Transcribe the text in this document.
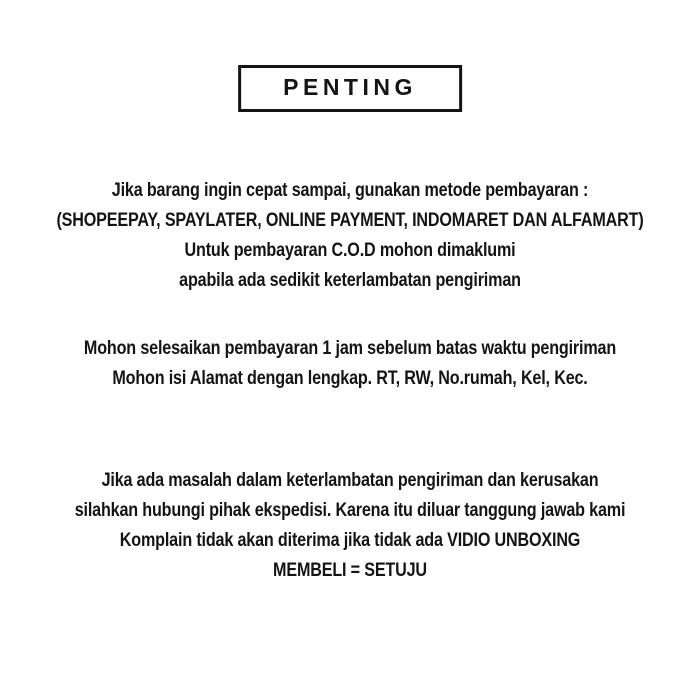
PENTING
Jika barang ingin cepat sampai, gunakan metode pembayaran :
(SHOPEEPAY, SPAYLATER, ONLINE PAYMENT, INDOMARET DAN ALFAMART)
Untuk pembayaran C.O.D mohon dimaklumi
apabila ada sedikit keterlambatan pengiriman
Mohon selesaikan pembayaran 1 jam sebelum batas waktu pengiriman
Mohon isi Alamat dengan lengkap. RT, RW, No.rumah, Kel, Kec.
Jika ada masalah dalam keterlambatan pengiriman dan kerusakan
silahkan hubungi pihak ekspedisi. Karena itu diluar tanggung jawab kami
Komplain tidak akan diterima jika tidak ada VIDIO UNBOXING
MEMBELI = SETUJU
